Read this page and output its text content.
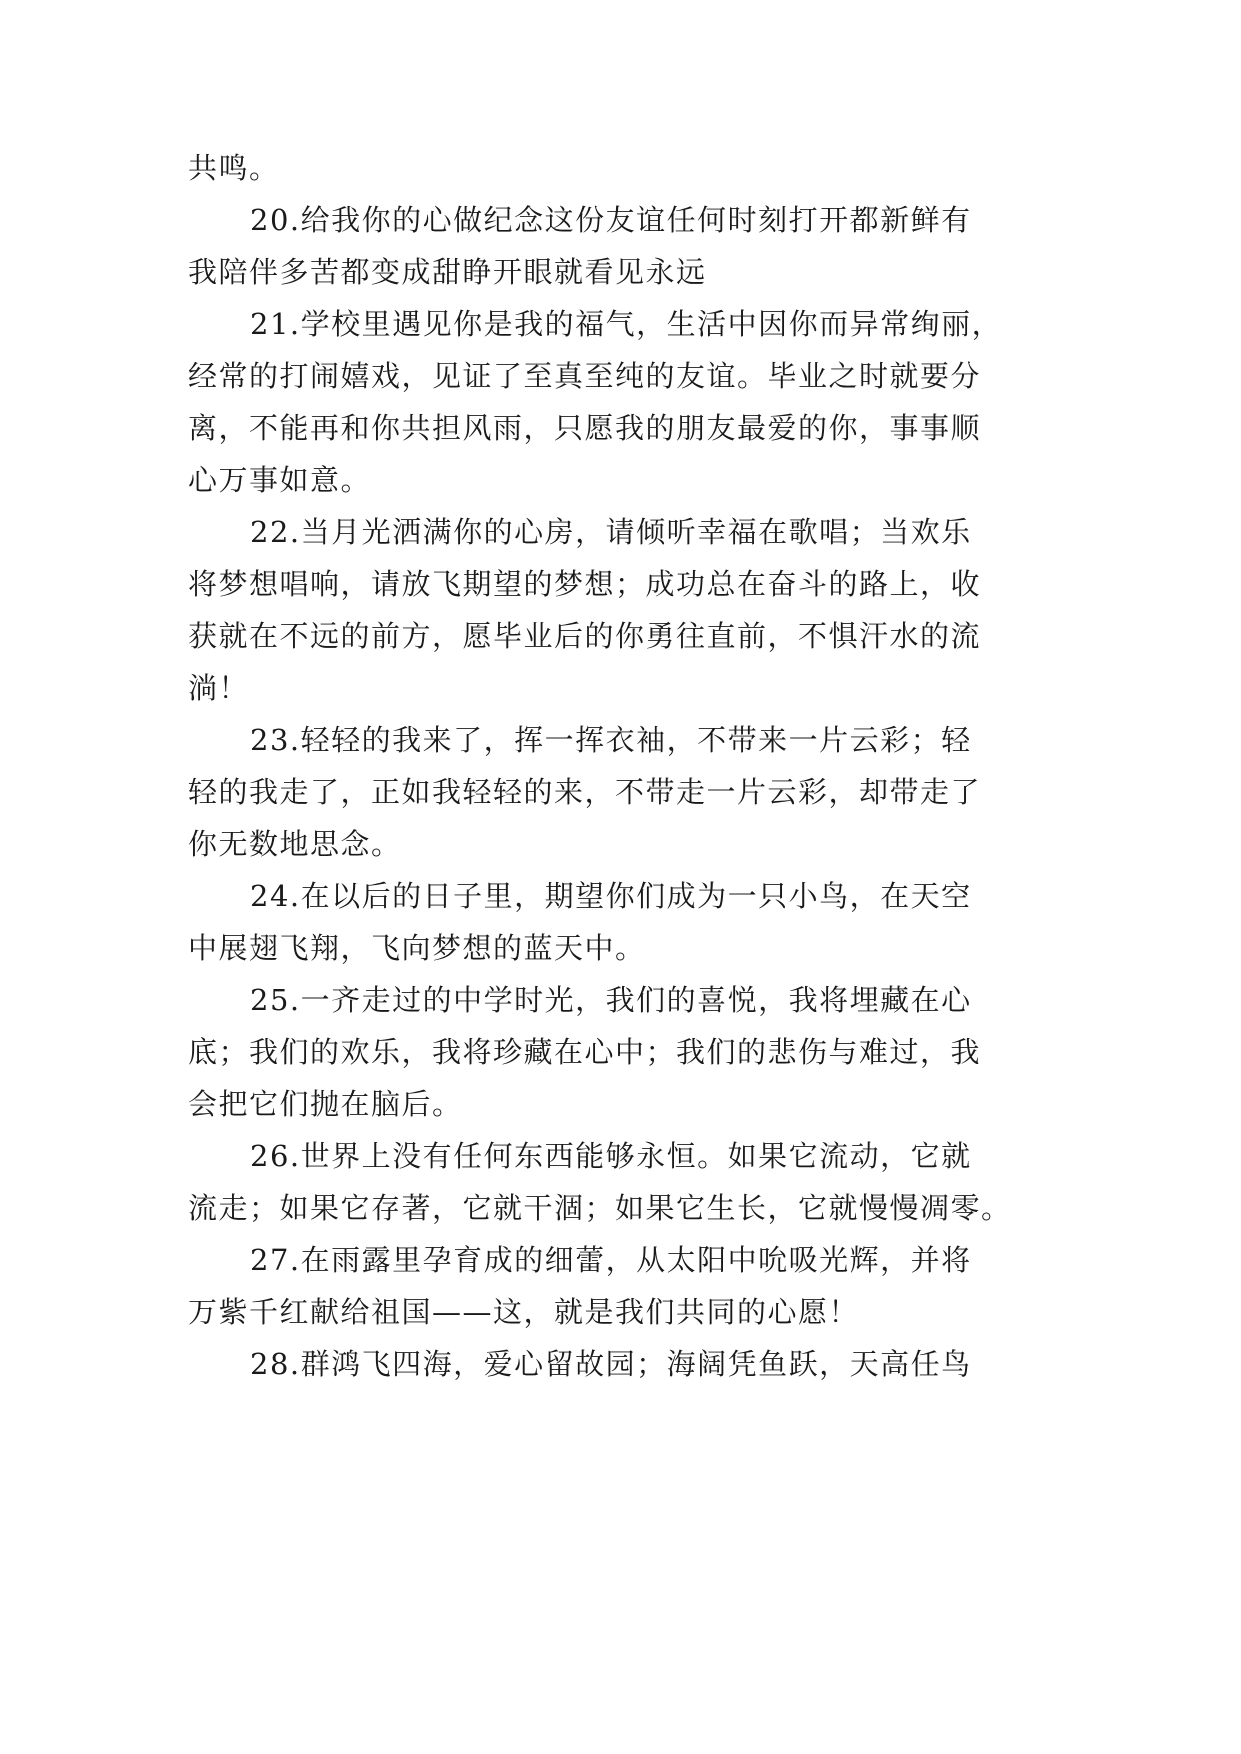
共鸣。
20.给我你的心做纪念这份友谊任何时刻打开都新鲜有
我陪伴多苦都变成甜睁开眼就看见永远
21.学校里遇见你是我的福气，生活中因你而异常绚丽，
经常的打闹嬉戏，见证了至真至纯的友谊。毕业之时就要分
离，不能再和你共担风雨，只愿我的朋友最爱的你，事事顺
心万事如意。
22.当月光洒满你的心房，请倾听幸福在歌唱；当欢乐
将梦想唱响，请放飞期望的梦想；成功总在奋斗的路上，收
获就在不远的前方，愿毕业后的你勇往直前，不惧汗水的流
淌！
23.轻轻的我来了，挥一挥衣袖，不带来一片云彩；轻
轻的我走了，正如我轻轻的来，不带走一片云彩，却带走了
你无数地思念。
24.在以后的日子里，期望你们成为一只小鸟，在天空
中展翅飞翔，飞向梦想的蓝天中。
25.一齐走过的中学时光，我们的喜悦，我将埋藏在心
底；我们的欢乐，我将珍藏在心中；我们的悲伤与难过，我
会把它们抛在脑后。
26.世界上没有任何东西能够永恒。如果它流动，它就
流走；如果它存著，它就干涸；如果它生长，它就慢慢凋零。
27.在雨露里孕育成的细蕾，从太阳中吮吸光辉，并将
万紫千红献给祖国——这，就是我们共同的心愿！
28.群鸿飞四海，爱心留故园；海阔凭鱼跃，天高任鸟
